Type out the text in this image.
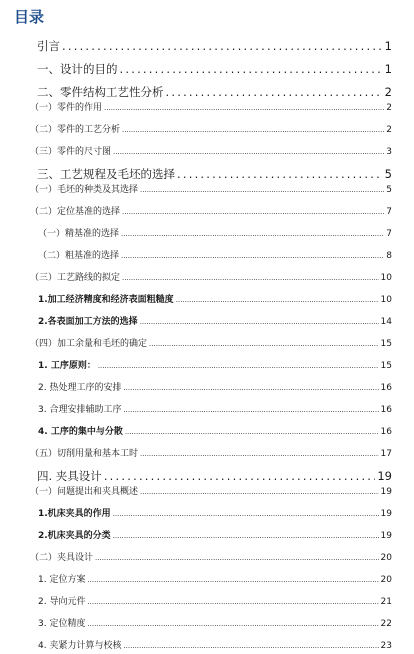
目录
引言 .....	1
一、设计的目的 .....	1
二、零件结构工艺性分析 .....	2
（一）零件的作用 .....	2
（二）零件的工艺分析 .....	2
（三）零件的尺寸图 .....	3
三、工艺规程及毛坯的选择 .....	5
（一）毛坯的种类及其选择 .....	5
（二）定位基准的选择 .....	7
（一）精基准的选择 .....	7
（二）粗基准的选择 .....	8
（三）工艺路线的拟定 .....	10
1.加工经济精度和经济表面粗糙度 .....	10
2.各表面加工方法的选择 .....	14
（四）加工余量和毛坯的确定 .....	15
1. 工序原则： .....	15
2. 热处理工序的安排 .....	16
3. 合理安排辅助工序 .....	16
4. 工序的集中与分散 .....	16
（五）切削用量和基本工时 .....	17
四. 夹具设计 .....	19
（一）问题提出和夹具概述 .....	19
1.机床夹具的作用 .....	19
2.机床夹具的分类 .....	19
（二）夹具设计 .....	20
1. 定位方案 .....	20
2. 导向元件 .....	21
3. 定位精度 .....	22
4. 夹紧力计算与校核 .....	23
